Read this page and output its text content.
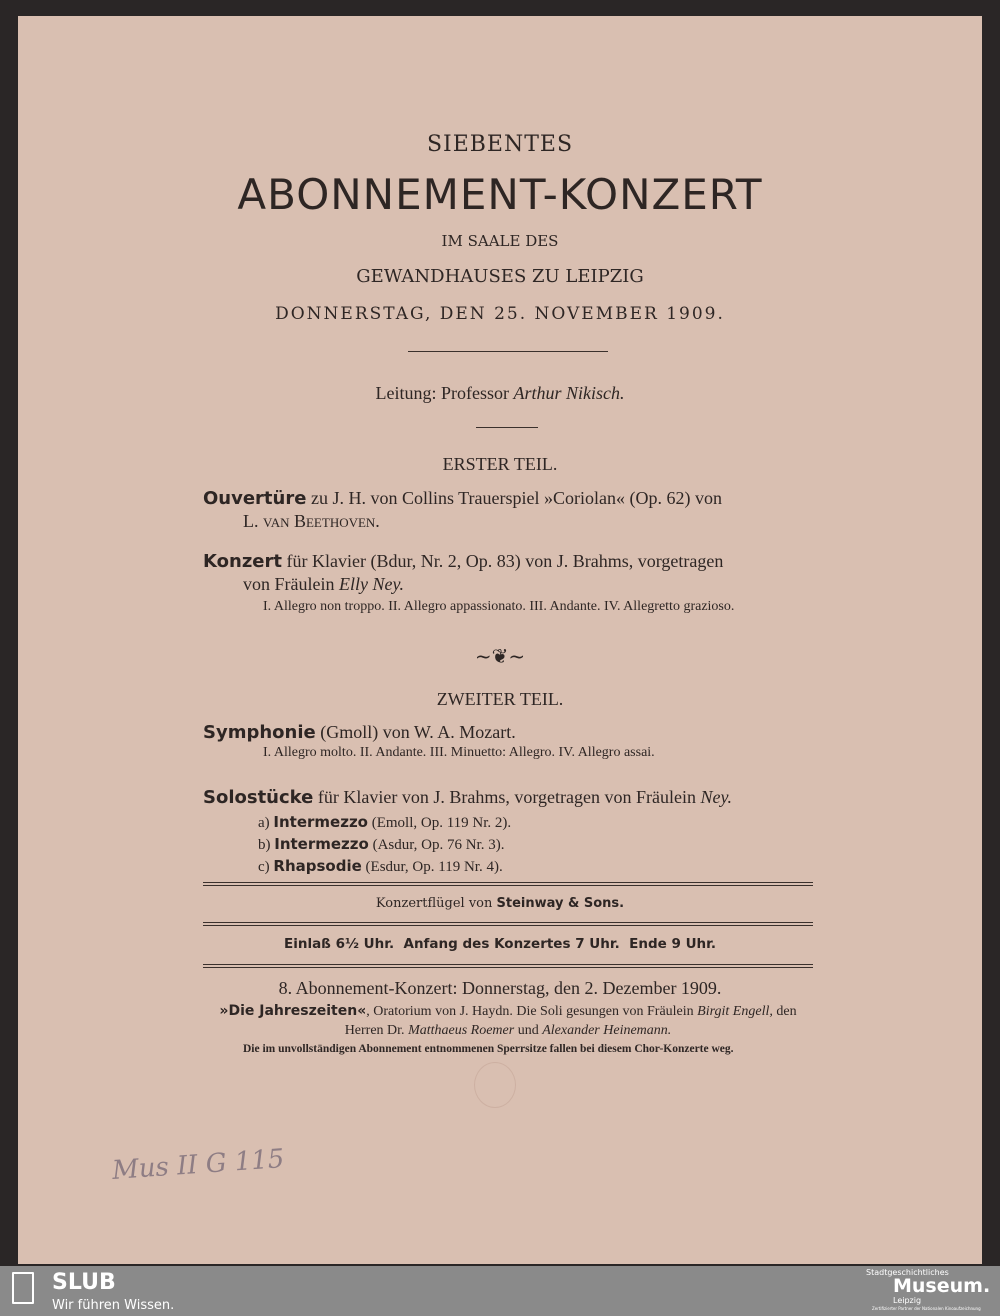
SIEBENTES
ABONNEMENT-KONZERT
IM SAALE DES
GEWANDHAUSES ZU LEIPZIG
DONNERSTAG, DEN 25. NOVEMBER 1909.
Leitung: Professor Arthur Nikisch.
ERSTER TEIL.
Ouvertüre zu J. H. von Collins Trauerspiel »Coriolan« (Op. 62) von
L. van Beethoven.
Konzert für Klavier (Bdur, Nr. 2, Op. 83) von J. Brahms, vorgetragen
von Fräulein Elly Ney.
I. Allegro non troppo. II. Allegro appassionato. III. Andante. IV. Allegretto grazioso.
~❦~
ZWEITER TEIL.
Symphonie (Gmoll) von W. A. Mozart.
I. Allegro molto. II. Andante. III. Minuetto: Allegro. IV. Allegro assai.
Solostücke für Klavier von J. Brahms, vorgetragen von Fräulein Ney.
a) Intermezzo (Emoll, Op. 119 Nr. 2).
b) Intermezzo (Asdur, Op. 76 Nr. 3).
c) Rhapsodie (Esdur, Op. 119 Nr. 4).
Konzertflügel von Steinway & Sons.
Einlaß 6½ Uhr.  Anfang des Konzertes 7 Uhr.  Ende 9 Uhr.
8. Abonnement-Konzert: Donnerstag, den 2. Dezember 1909.
»Die Jahreszeiten«, Oratorium von J. Haydn. Die Soli gesungen von Fräulein Birgit Engell, den Herren Dr. Matthaeus Roemer und Alexander Heinemann.
Die im unvollständigen Abonnement entnommenen Sperrsitze fallen bei diesem Chor-Konzerte weg.
Mus II G 115
SLUB
Wir führen Wissen.
Stadtgeschichtliches
Museum.
Leipzig
Zertifizierter Partner der Nationalen Kinoaufzeichnung
